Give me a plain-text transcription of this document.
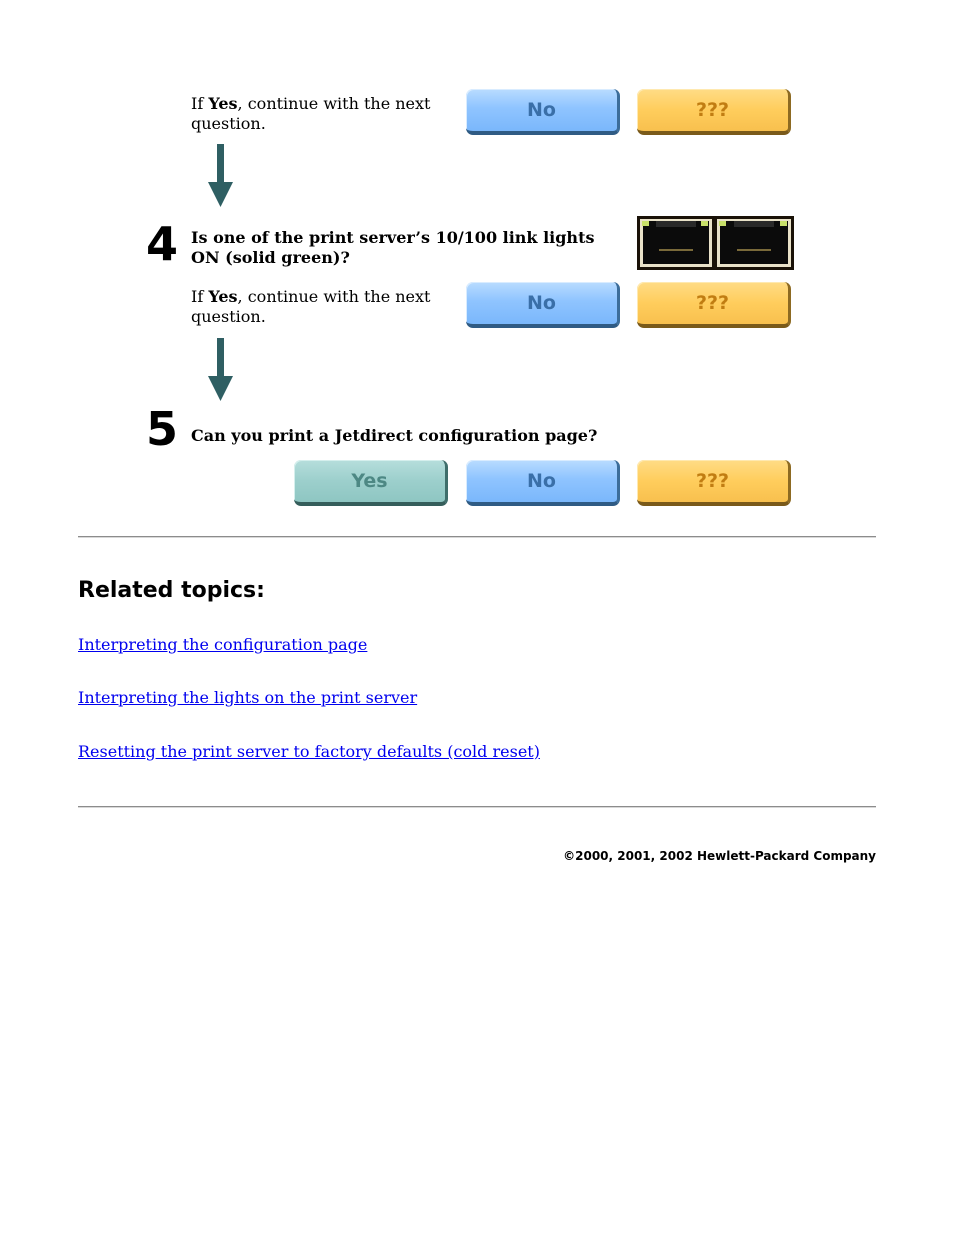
If Yes, continue with the next question.
No	???
4 Is one of the print server’s 10/100 link lights ON (solid green)?
If Yes, continue with the next question.
No	???
5 Can you print a Jetdirect configuration page?
Yes	No	???
Related topics:
Interpreting the configuration page
Interpreting the lights on the print server
Resetting the print server to factory defaults (cold reset)
©2000, 2001, 2002 Hewlett-Packard Company
